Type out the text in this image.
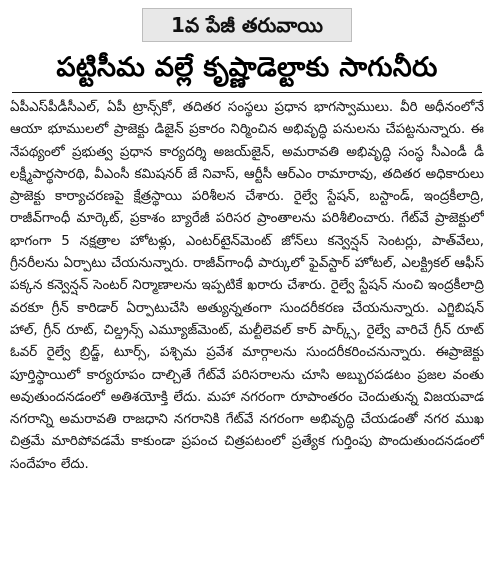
1వ పేజీ తరువాయి
పట్టిసీమ వల్లే కృష్ణాడెల్టాకు సాగునీరు
ఏపీఎస్‌పీడీసీఎల్‌, ఏపీ ట్రాన్స్‌కో, తదితర సంస్థలు ప్రధాన భాగస్వాములు. వీరి అధీనంలోనే ఆయా భూములలో ప్రాజెక్టు డిజైన్‌ ప్రకారం నిర్మించిన అభివృద్ధి పనులను చేపట్టనున్నారు. ఈ నేపథ్యంలో ప్రభుత్వ ప్రధాన కార్యదర్శి అజయ్‌జైన్‌, అమరావతి అభివృద్ధి సంస్థ సీఎండీ డీ లక్ష్మీపార్థసారథి, వీఎంసీ కమిషనర్‌ జే నివాస్‌, ఆర్టీసీ ఆర్‌ఎం రామారావు, తదితర అధికారులు ప్రాజెక్టు కార్యాచరణపై క్షేత్రస్థాయి పరిశీలన చేశారు. రైల్వే స్టేషన్‌, బస్టాండ్‌, ఇంద్రకీలాద్రి, రాజీవ్‌గాంధీ మార్కెట్‌, ప్రకాశం బ్యారేజీ పరిసర ప్రాంతాలను పరిశీలించారు. గేట్‌వే ప్రాజెక్టులో భాగంగా 5 నక్షత్రాల హోటళ్లు, ఎంటర్‌టైన్‌మెంట్‌ జోన్‌లు కన్వెన్షన్‌ సెంటర్లు, పాత్‌వేలు, గ్రీనరీలను ఏర్పాటు చేయనున్నారు. రాజీవ్‌గాంధీ పార్కులో ఫైవ్‌స్టార్‌ హోటల్‌, ఎలక్ట్రికల్‌ ఆఫీస్‌ పక్కన కన్వెన్షన్‌ సెంటర్‌ నిర్మాణాలను ఇప్పటికే ఖరారు చేశారు. రైల్వే స్టేషన్‌ నుంచి ఇంద్రకీలాద్రి వరకూ గ్రీన్‌ కారిడార్‌ ఏర్పాటుచేసి అత్యున్నతంగా సుందరీకరణ చేయనున్నారు. ఎగ్జిబిషన్‌ హాల్‌, గ్రీన్‌ రూట్‌, చిల్డ్రన్స్‌ ఎమ్యూజ్‌మెంట్‌, మల్టీలెవల్‌ కార్‌ పార్క్స్‌, రైల్వే వారిచే గ్రీన్‌ రూట్‌ ఓవర్‌ రైల్వే బ్రిడ్జ్‌, టూర్స్‌, పశ్చిమ ప్రవేశ మార్గాలను సుందరీకరించనున్నారు. ఈప్రాజెక్టు పూర్తిస్థాయిలో కార్యరూపం దాల్చితే గేట్‌వే పరిసరాలను చూసి అబ్బురపడటం ప్రజల వంతు అవుతుందనడంలో అతిశయోక్తి లేదు. మహా నగరంగా రూపాంతరం చెందుతున్న విజయవాడ నగరాన్ని అమరావతి రాజధాని నగరానికి గేట్‌వే నగరంగా అభివృద్ధి చేయడంతో నగర ముఖ చిత్రమే మారిపోవడమే కాకుండా ప్రపంచ చిత్రపటంలో ప్రత్యేక గుర్తింపు పొందుతుందనడంలో సందేహం లేదు.
